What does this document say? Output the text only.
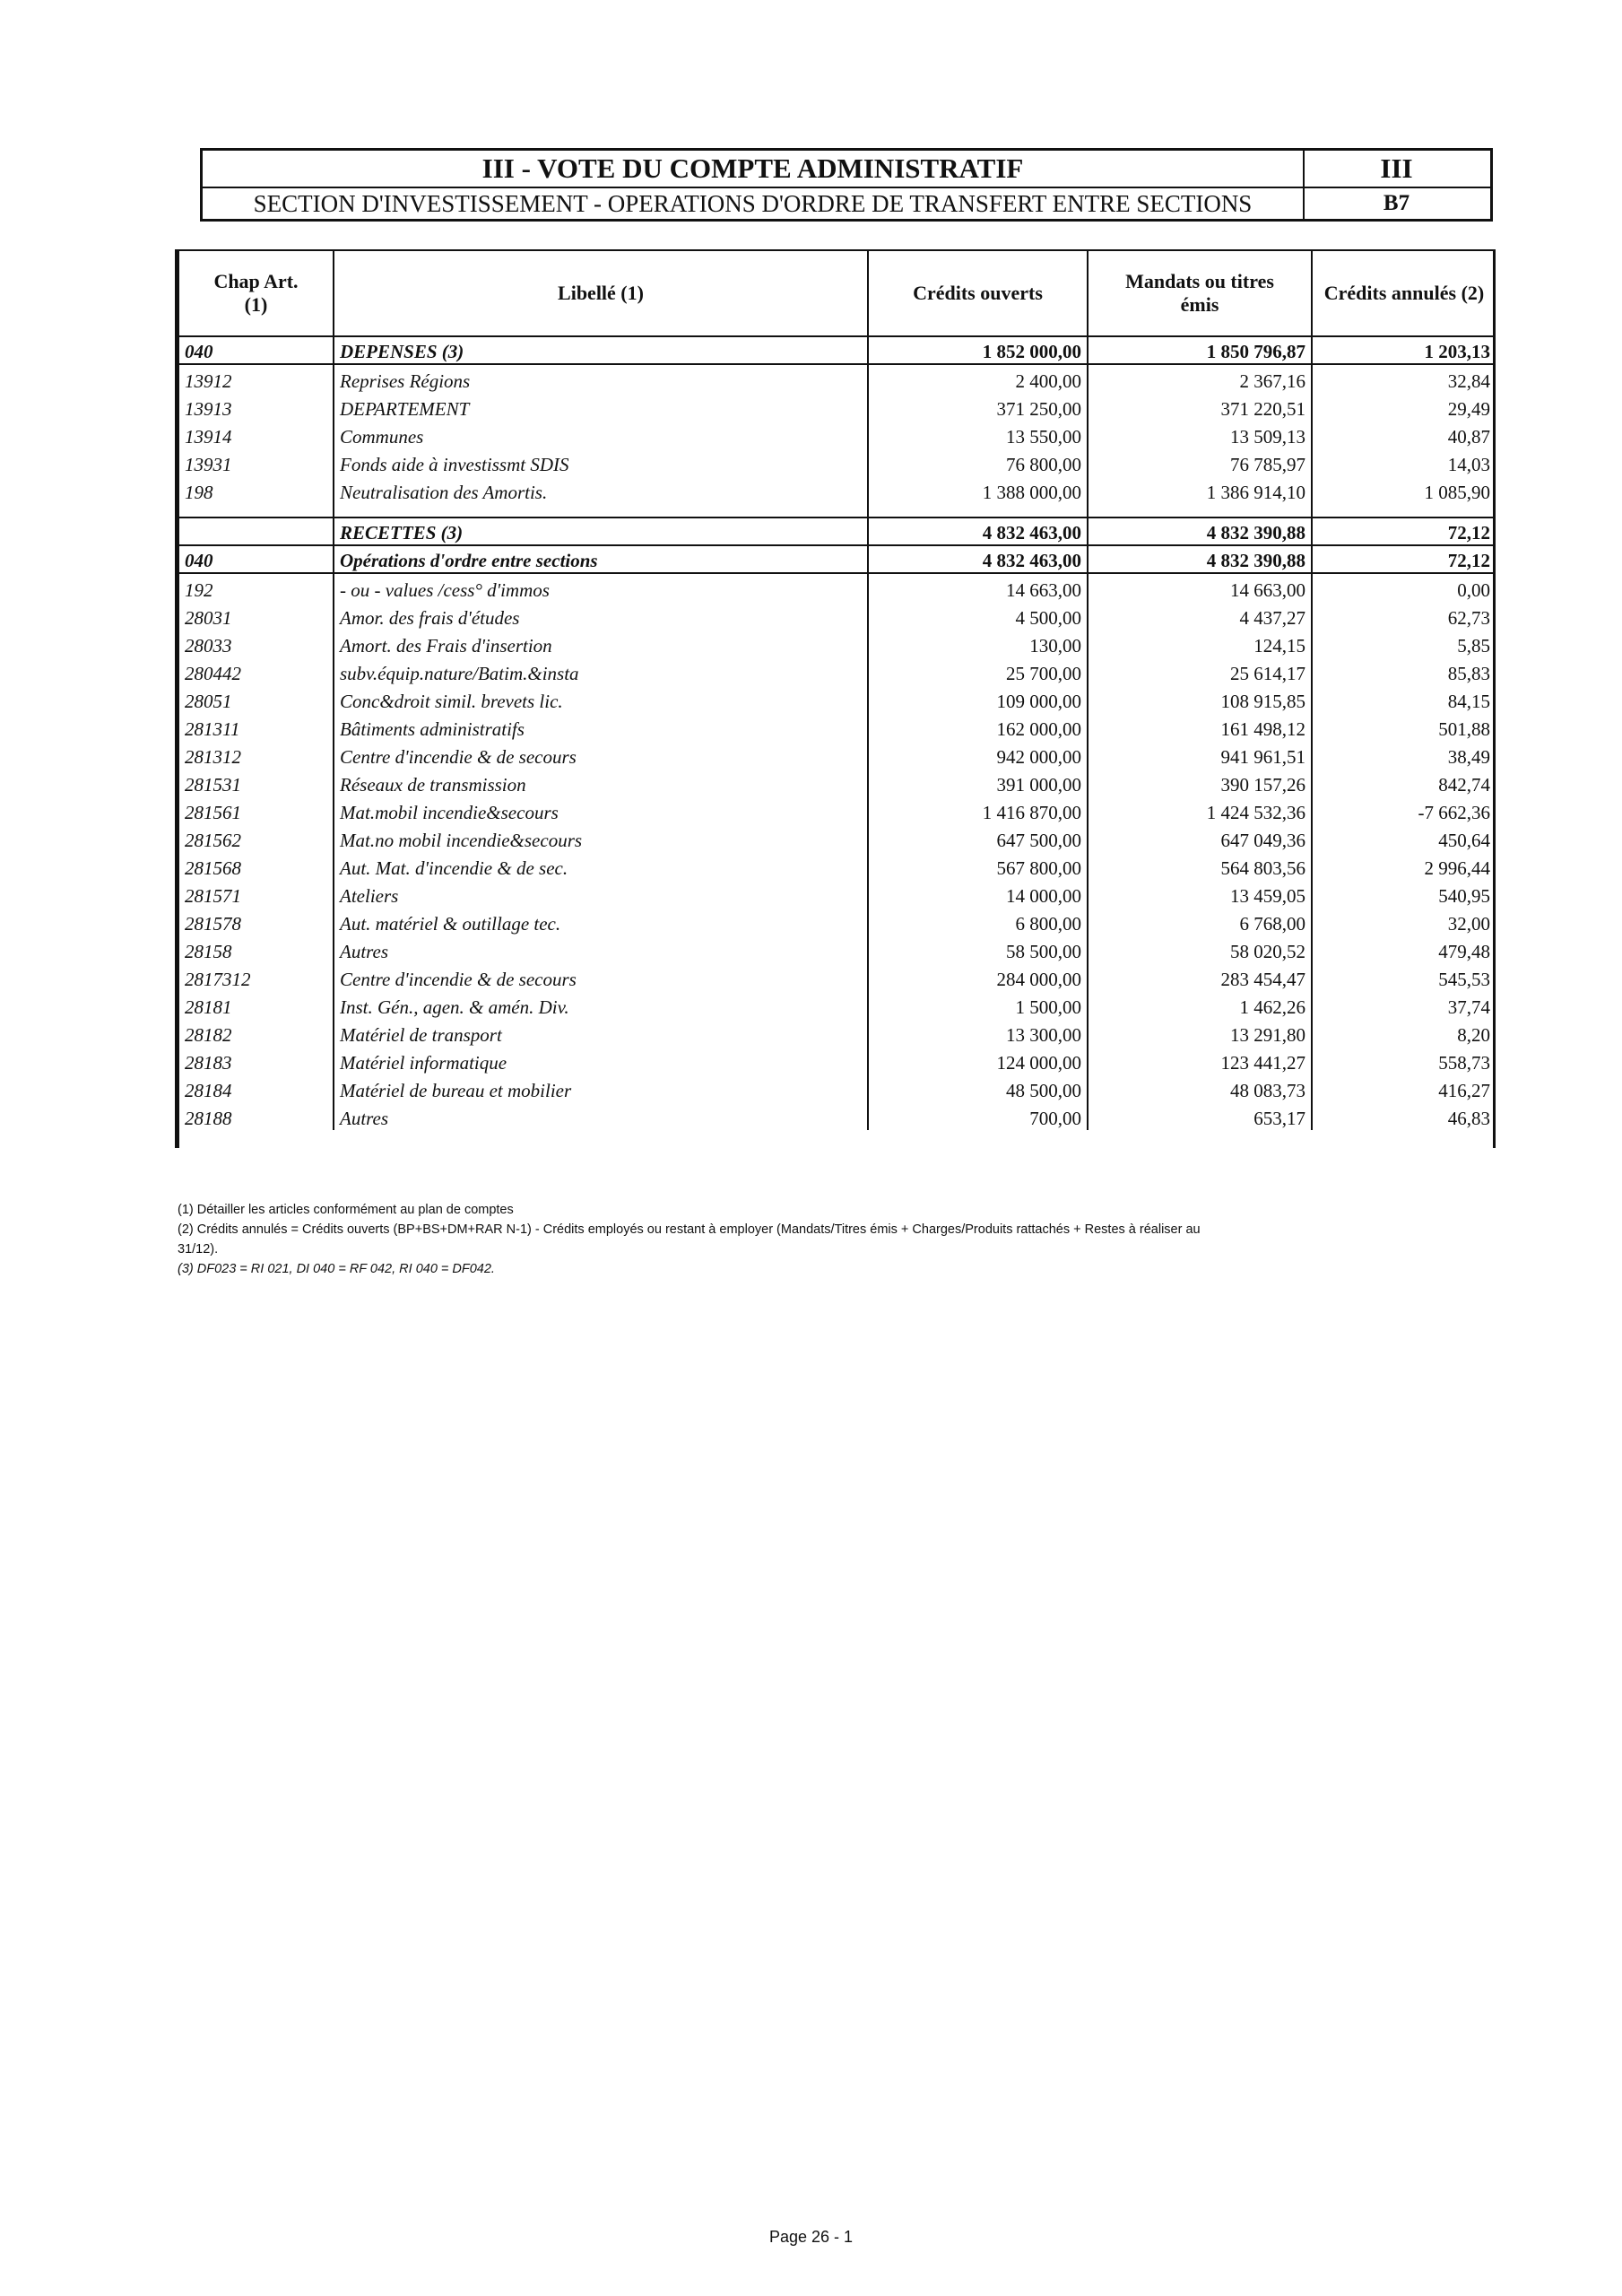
III - VOTE DU COMPTE ADMINISTRATIF
SECTION D'INVESTISSEMENT - OPERATIONS D'ORDRE DE TRANSFERT ENTRE SECTIONS
III
B7
Chap Art. (1)	Libellé (1)	Crédits ouverts	Mandats ou titres émis	Crédits annulés (2)
040	DEPENSES (3)	1 852 000,00	1 850 796,87	1 203,13
13912	Reprises Régions	2 400,00	2 367,16	32,84
13913	DEPARTEMENT	371 250,00	371 220,51	29,49
13914	Communes	13 550,00	13 509,13	40,87
13931	Fonds aide à investissmt SDIS	76 800,00	76 785,97	14,03
198	Neutralisation des Amortis.	1 388 000,00	1 386 914,10	1 085,90

	RECETTES (3)	4 832 463,00	4 832 390,88	72,12
040	Opérations d'ordre entre sections	4 832 463,00	4 832 390,88	72,12
192	- ou - values /cess° d'immos	14 663,00	14 663,00	0,00
28031	Amor. des frais d'études	4 500,00	4 437,27	62,73
28033	Amort. des Frais d'insertion	130,00	124,15	5,85
280442	subv.équip.nature/Batim.&insta	25 700,00	25 614,17	85,83
28051	Conc&droit simil. brevets lic.	109 000,00	108 915,85	84,15
281311	Bâtiments administratifs	162 000,00	161 498,12	501,88
281312	Centre d'incendie & de secours	942 000,00	941 961,51	38,49
281531	Réseaux de transmission	391 000,00	390 157,26	842,74
281561	Mat.mobil incendie&secours	1 416 870,00	1 424 532,36	-7 662,36
281562	Mat.no mobil incendie&secours	647 500,00	647 049,36	450,64
281568	Aut. Mat. d'incendie & de sec.	567 800,00	564 803,56	2 996,44
281571	Ateliers	14 000,00	13 459,05	540,95
281578	Aut. matériel & outillage tec.	6 800,00	6 768,00	32,00
28158	Autres	58 500,00	58 020,52	479,48
2817312	Centre d'incendie & de secours	284 000,00	283 454,47	545,53
28181	Inst. Gén., agen. & amén. Div.	1 500,00	1 462,26	37,74
28182	Matériel de transport	13 300,00	13 291,80	8,20
28183	Matériel informatique	124 000,00	123 441,27	558,73
28184	Matériel de bureau et mobilier	48 500,00	48 083,73	416,27
28188	Autres	700,00	653,17	46,83
(1) Détailler les articles conformément au plan de comptes
(2) Crédits annulés = Crédits ouverts (BP+BS+DM+RAR N-1) - Crédits employés ou restant à employer (Mandats/Titres émis + Charges/Produits rattachés + Restes à réaliser au
31/12).
(3) DF023 = RI 021, DI 040 = RF 042, RI 040 = DF042.
Page 26 - 1
